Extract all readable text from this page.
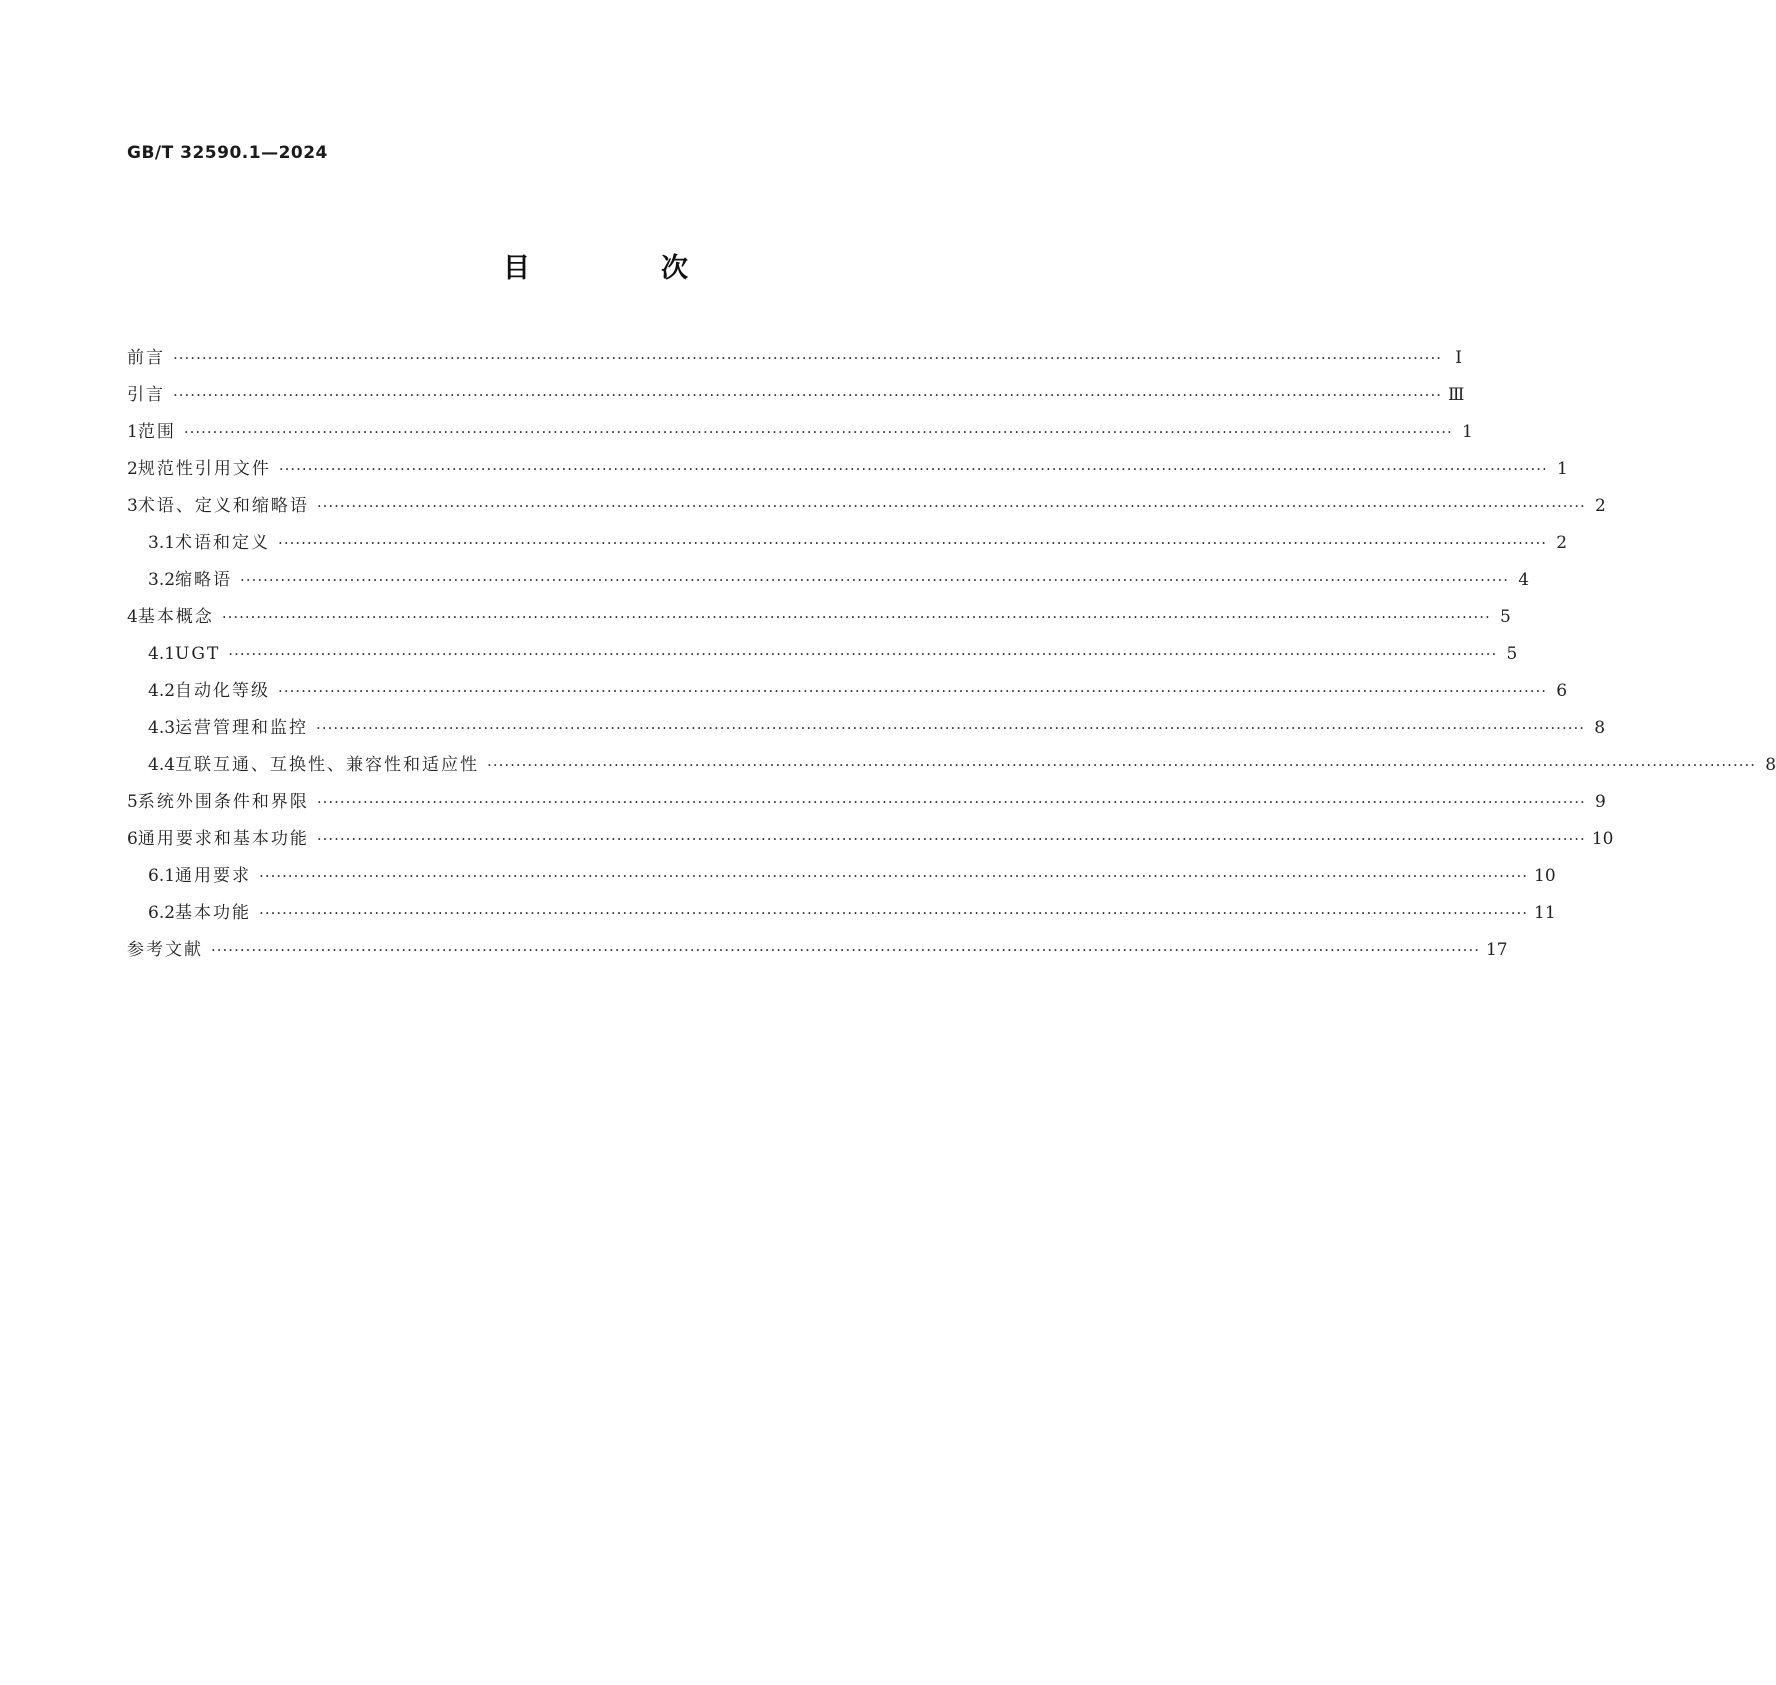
GB/T 32590.1—2024
目　次
前言 ···························································································································································································································· Ⅰ
引言 ···························································································································································································································· Ⅲ
1 范围 ···························································································································································································································· 1
2 规范性引用文件 ···························································································································································································································· 1
3 术语、定义和缩略语 ···························································································································································································································· 2
3.1 术语和定义 ···························································································································································································································· 2
3.2 缩略语 ···························································································································································································································· 4
4 基本概念 ···························································································································································································································· 5
4.1 UGT ···························································································································································································································· 5
4.2 自动化等级 ···························································································································································································································· 6
4.3 运营管理和监控 ···························································································································································································································· 8
4.4 互联互通、互换性、兼容性和适应性 ···························································································································································································································· 8
5 系统外围条件和界限 ···························································································································································································································· 9
6 通用要求和基本功能 ···························································································································································································································· 10
6.1 通用要求 ···························································································································································································································· 10
6.2 基本功能 ···························································································································································································································· 11
参考文献 ···························································································································································································································· 17
